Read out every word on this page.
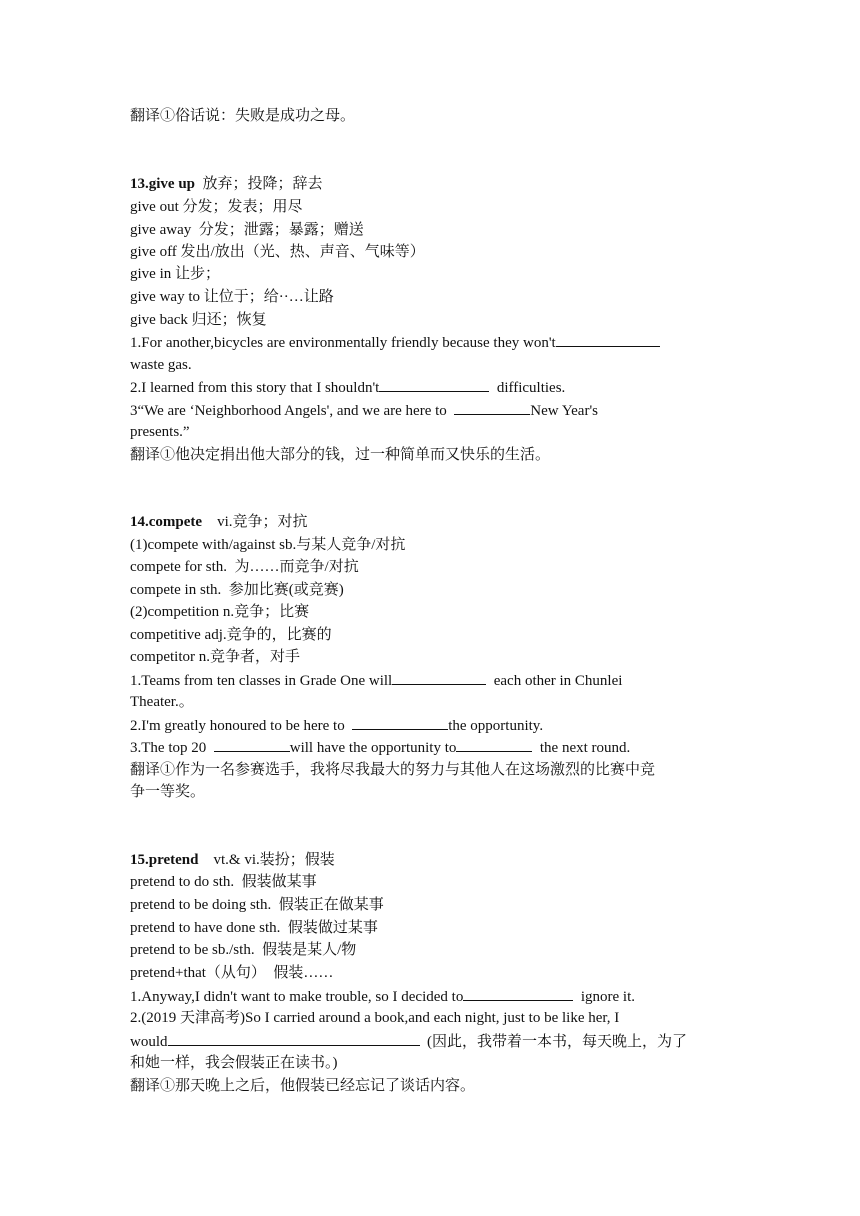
翻译①俗话说：失败是成功之母。
13.give up  放弃；投降；辞去
give out 分发；发表；用尽
give away  分发；泄露；暴露；赠送
give off 发出/放出（光、热、声音、气味等）
give in 让步；
give way to 让位于；给··…让路
give back 归还；恢复
1.For another,bicycles are environmentally friendly because they won't
waste gas.
2.I learned from this story that I shouldn't	difficulties.
3“We are ‘Neighborhood Angels', and we are here to	New Year's
presents.”
翻译①他决定捐出他大部分的钱，过一种简单而又快乐的生活。
14.compete    vi.竞争；对抗
(1)compete with/against sb.与某人竞争/对抗
compete for sth.  为……而竞争/对抗
compete in sth.  参加比赛(或竞赛)
(2)competition n.竞争；比赛
competitive adj.竞争的，比赛的
competitor n.竞争者，对手
1.Teams from ten classes in Grade One will	each other in Chunlei
Theater.。
2.I'm greatly honoured to be here to	the opportunity.
3.The top 20	will have the opportunity to	the next round.
翻译①作为一名参赛选手，我将尽我最大的努力与其他人在这场激烈的比赛中竞
争一等奖。
15.pretend    vt.& vi.装扮；假装
pretend to do sth.  假装做某事
pretend to be doing sth.  假装正在做某事
pretend to have done sth.  假装做过某事
pretend to be sb./sth.  假装是某人/物
pretend+that（从句）  假装……
1.Anyway,I didn't want to make trouble, so I decided to	ignore it.
2.(2019 天津高考)So I carried around a book,and each night, just to be like her, I
would	(因此，我带着一本书，每天晚上，为了
和她一样，我会假装正在读书。)
翻译①那天晚上之后，他假装已经忘记了谈话内容。
